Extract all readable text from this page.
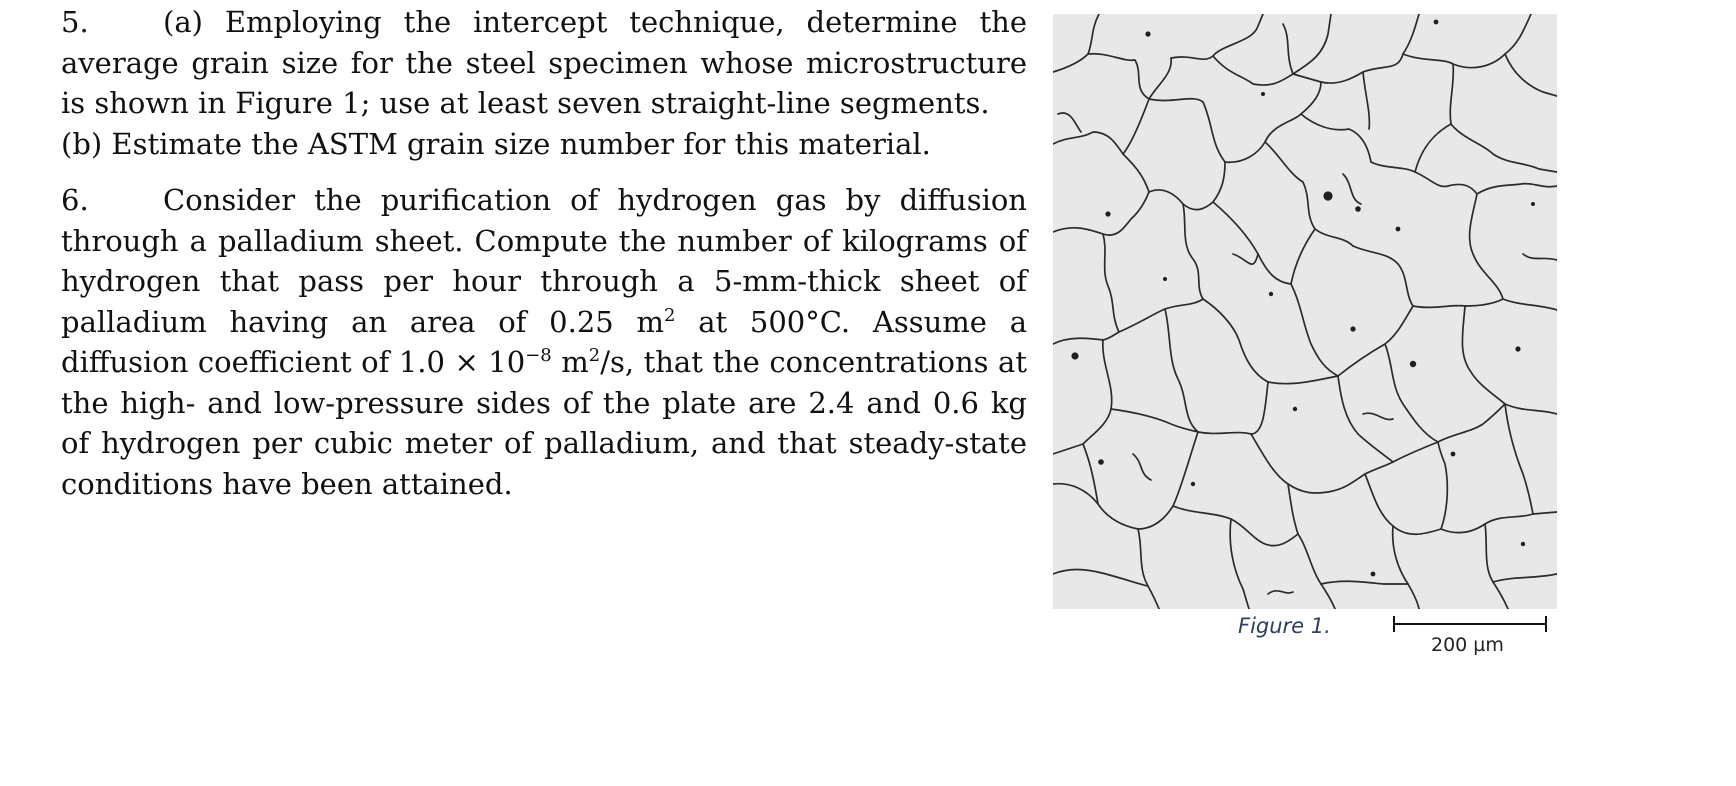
5.	(a) Employing the intercept technique, determine the average grain size for the steel specimen whose microstructure is shown in Figure 1; use at least seven straight-line segments.
(b) Estimate the ASTM grain size number for this material.

6.	Consider the purification of hydrogen gas by diffusion through a palladium sheet. Compute the number of kilograms of hydrogen that pass per hour through a 5-mm-thick sheet of palladium having an area of 0.25 $m^2$ at 500°C. Assume a diffusion coefficient of $1.0 \times 10^{-8}$ $m^2/s$, that the concentrations at the high- and low-pressure sides of the plate are 2.4 and 0.6 kg of hydrogen per cubic meter of palladium, and that steady-state conditions have been attained.

Figure 1.
200 µm
